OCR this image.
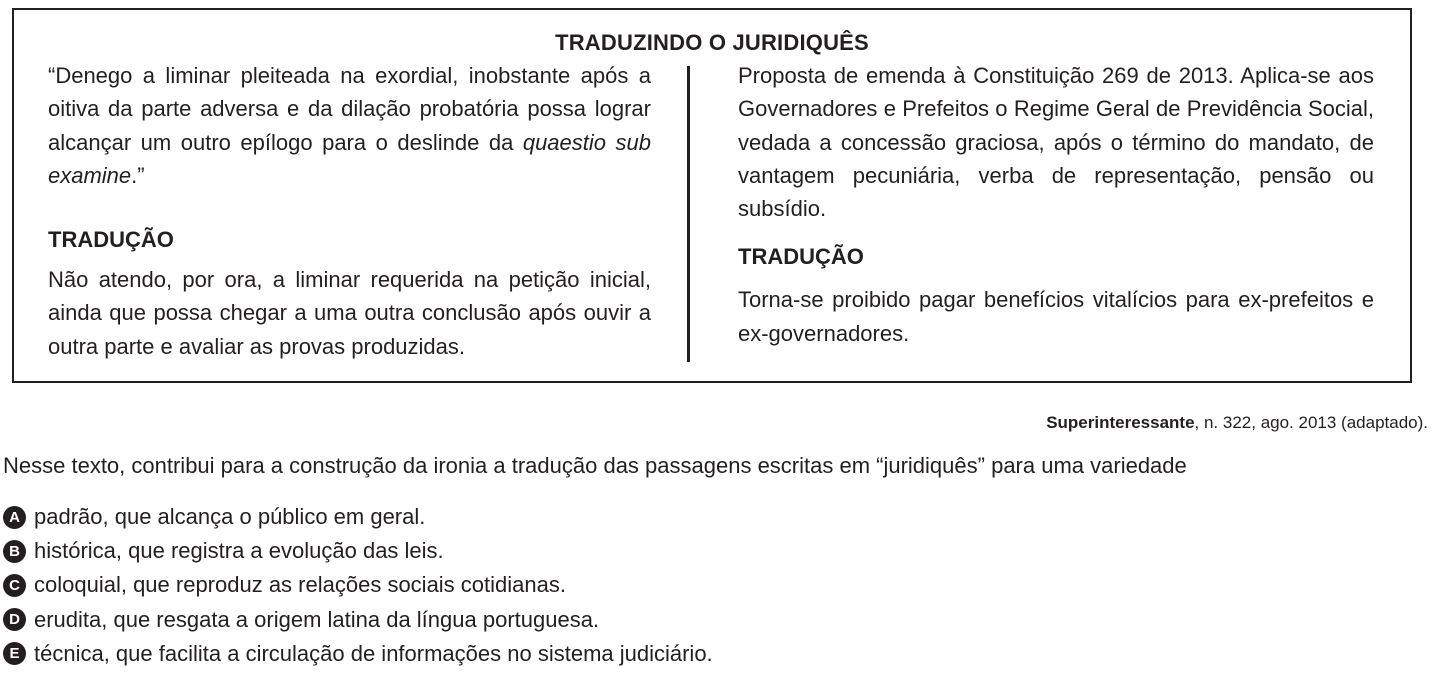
TRADUZINDO O JURIDIQUÊS

“Denego a liminar pleiteada na exordial, inobstante após a oitiva da parte adversa e da dilação probatória possa lograr alcançar um outro epílogo para o deslinde da quaestio sub examine.”

TRADUÇÃO

Não atendo, por ora, a liminar requerida na petição inicial, ainda que possa chegar a uma outra conclusão após ouvir a outra parte e avaliar as provas produzidas.

Proposta de emenda à Constituição 269 de 2013. Aplica-se aos Governadores e Prefeitos o Regime Geral de Previdência Social, vedada a concessão graciosa, após o término do mandato, de vantagem pecuniária, verba de representação, pensão ou subsídio.

TRADUÇÃO

Torna-se proibido pagar benefícios vitalícios para ex-prefeitos e ex-governadores.

Superinteressante, n. 322, ago. 2013 (adaptado).
Nesse texto, contribui para a construção da ironia a tradução das passagens escritas em “juridiquês” para uma variedade
A padrão, que alcança o público em geral.
B histórica, que registra a evolução das leis.
C coloquial, que reproduz as relações sociais cotidianas.
D erudita, que resgata a origem latina da língua portuguesa.
E técnica, que facilita a circulação de informações no sistema judiciário.
